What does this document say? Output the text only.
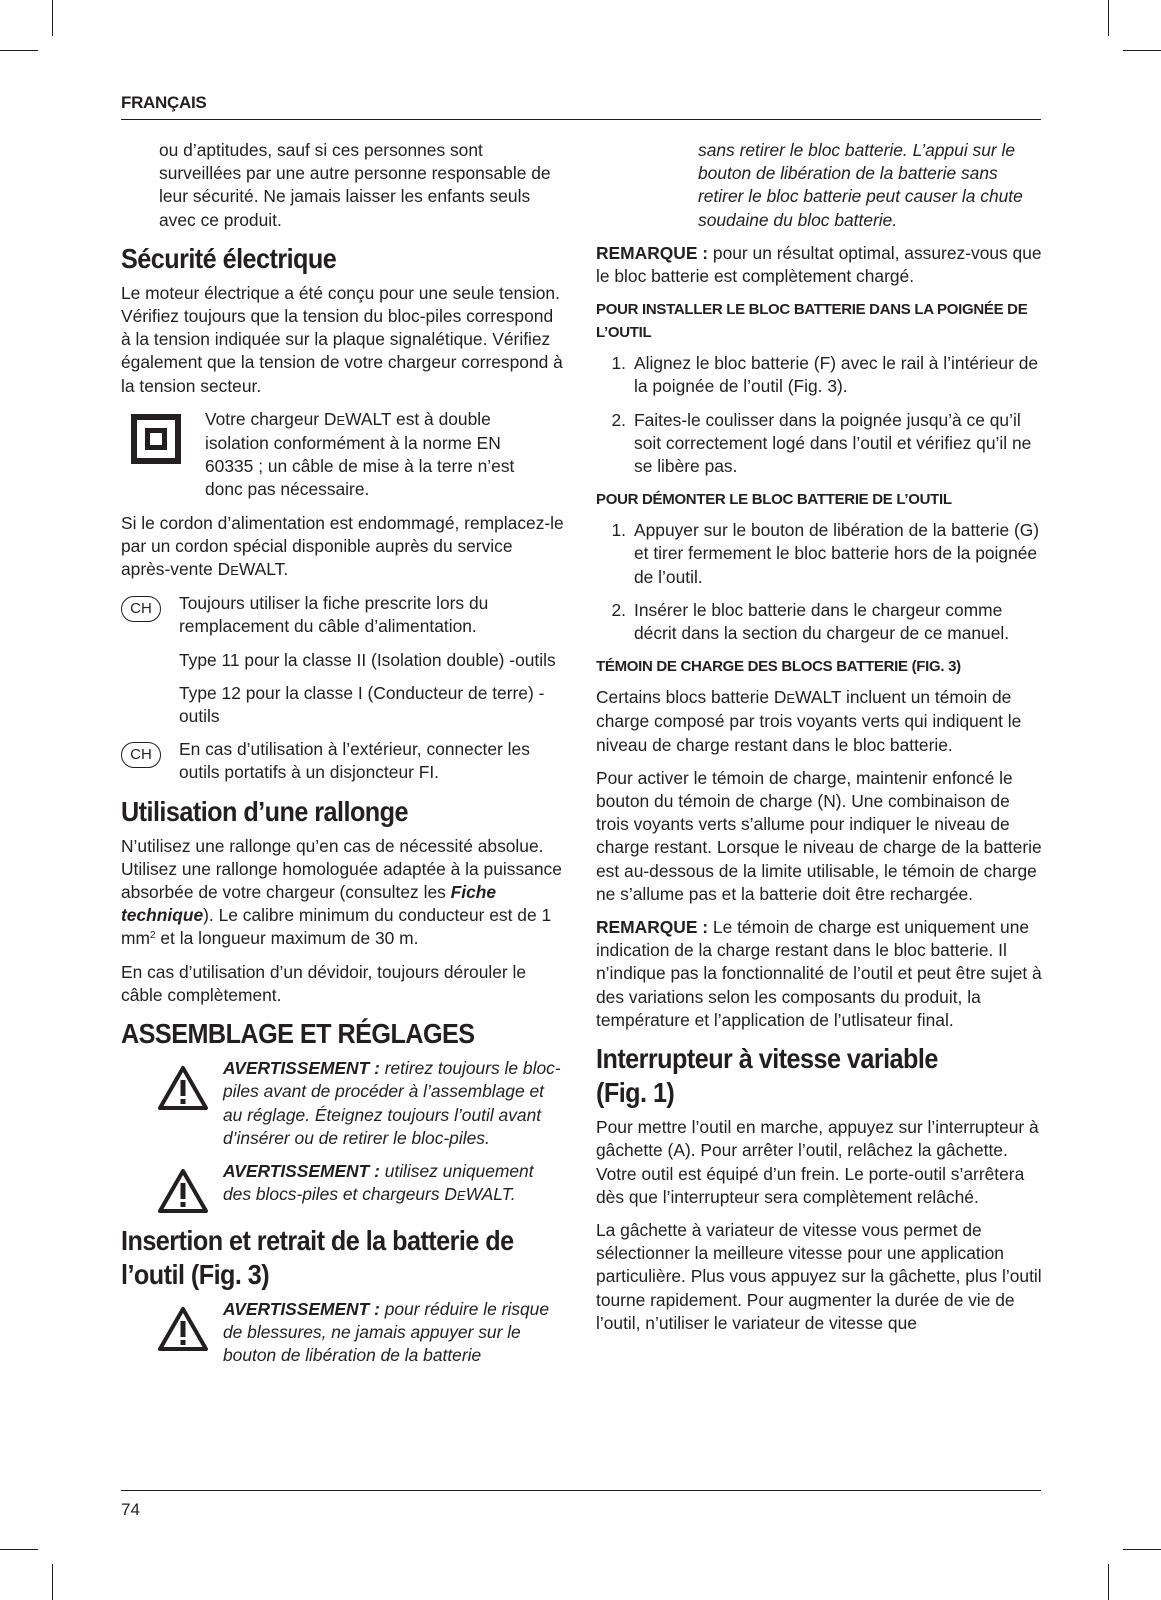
FRANÇAIS

ou d’aptitudes, sauf si ces personnes sont surveillées par une autre personne responsable de leur sécurité. Ne jamais laisser les enfants seuls avec ce produit.

Sécurité électrique

Le moteur électrique a été conçu pour une seule tension. Vérifiez toujours que la tension du bloc-piles correspond à la tension indiquée sur la plaque signalétique. Vérifiez également que la tension de votre chargeur correspond à la tension secteur.

Votre chargeur DEWALT est à double isolation conformément à la norme EN 60335 ; un câble de mise à la terre n’est donc pas nécessaire.

Si le cordon d’alimentation est endommagé, remplacez-le par un cordon spécial disponible auprès du service après-vente DEWALT.

CH	Toujours utiliser la fiche prescrite lors du remplacement du câble d’alimentation.

Type 11 pour la classe II (Isolation double) -outils

Type 12 pour la classe I (Conducteur de terre) - outils

CH	En cas d’utilisation à l’extérieur, connecter les outils portatifs à un disjoncteur FI.
Utilisation d’une rallonge

N’utilisez une rallonge qu’en cas de nécessité absolue. Utilisez une rallonge homologuée adaptée à la puissance absorbée de votre chargeur (consultez les Fiche technique). Le calibre minimum du conducteur est de 1 $mm^2$ et la longueur maximum de 30 m.

En cas d’utilisation d’un dévidoir, toujours dérouler le câble complètement.

ASSEMBLAGE ET RÉGLAGES
AVERTISSEMENT : retirez toujours le bloc-piles avant de procéder à l’assemblage et au réglage. Éteignez toujours l’outil avant d’insérer ou de retirer le bloc-piles.
AVERTISSEMENT : utilisez uniquement des blocs-piles et chargeurs DEWALT.
Insertion et retrait de la batterie de l’outil (Fig. 3)
AVERTISSEMENT : pour réduire le risque de blessures, ne jamais appuyer sur le bouton de libération de la batterie

sans retirer le bloc batterie. L’appui sur le bouton de libération de la batterie sans retirer le bloc batterie peut causer la chute soudaine du bloc batterie.

REMARQUE : pour un résultat optimal, assurez-vous que le bloc batterie est complètement chargé.

POUR INSTALLER LE BLOC BATTERIE DANS LA POIGNÉE DE L’OUTIL
1. Alignez le bloc batterie (F) avec le rail à l’intérieur de la poignée de l’outil (Fig. 3).
2. Faites-le coulisser dans la poignée jusqu’à ce qu’il soit correctement logé dans l’outil et vérifiez qu’il ne se libère pas.
POUR DÉMONTER LE BLOC BATTERIE DE L’OUTIL
1. Appuyer sur le bouton de libération de la batterie (G) et tirer fermement le bloc batterie hors de la poignée de l’outil.
2. Insérer le bloc batterie dans le chargeur comme décrit dans la section du chargeur de ce manuel.
TÉMOIN DE CHARGE DES BLOCS BATTERIE (FIG. 3)

Certains blocs batterie DEWALT incluent un témoin de charge composé par trois voyants verts qui indiquent le niveau de charge restant dans le bloc batterie.

Pour activer le témoin de charge, maintenir enfoncé le bouton du témoin de charge (N). Une combinaison de trois voyants verts s’allume pour indiquer le niveau de charge restant. Lorsque le niveau de charge de la batterie est au-dessous de la limite utilisable, le témoin de charge ne s’allume pas et la batterie doit être rechargée.

REMARQUE : Le témoin de charge est uniquement une indication de la charge restant dans le bloc batterie. Il n’indique pas la fonctionnalité de l’outil et peut être sujet à des variations selon les composants du produit, la température et l’application de l’utlisateur final.

Interrupteur à vitesse variable (Fig. 1)

Pour mettre l’outil en marche, appuyez sur l’interrupteur à gâchette (A). Pour arrêter l’outil, relâchez la gâchette. Votre outil est équipé d’un frein. Le porte-outil s’arrêtera dès que l’interrupteur sera complètement relâché.

La gâchette à variateur de vitesse vous permet de sélectionner la meilleure vitesse pour une application particulière. Plus vous appuyez sur la gâchette, plus l’outil tourne rapidement. Pour augmenter la durée de vie de l’outil, n’utiliser le variateur de vitesse que

74
